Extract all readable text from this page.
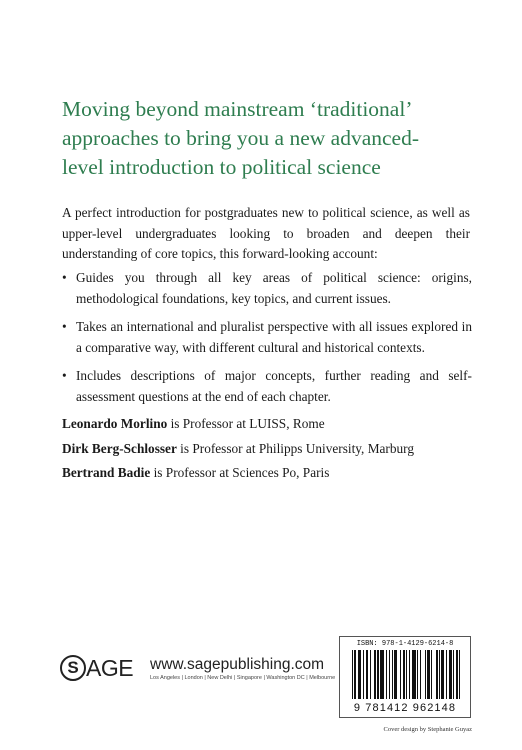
Moving beyond mainstream ‘traditional’
approaches to bring you a new advanced-
level introduction to political science

A perfect introduction for postgraduates new to political science, as well as upper-level undergraduates looking to broaden and deepen their understanding of core topics, this forward-looking account:

• Guides you through all key areas of political science: origins, methodological foundations, key topics, and current issues.
• Takes an international and pluralist perspective with all issues explored in a comparative way, with different cultural and historical contexts.
• Includes descriptions of major concepts, further reading and self-assessment questions at the end of each chapter.
Leonardo Morlino is Professor at LUISS, Rome
Dirk Berg-Schlosser is Professor at Philipps University, Marburg
Bertrand Badie is Professor at Sciences Po, Paris
S AGE www.sagepublishing.com
Los Angeles | London | New Delhi | Singapore | Washington DC | Melbourne
ISBN: 978-1-4129-6214-8
9 781412 962148
Cover design by Stephanie Guyaz
